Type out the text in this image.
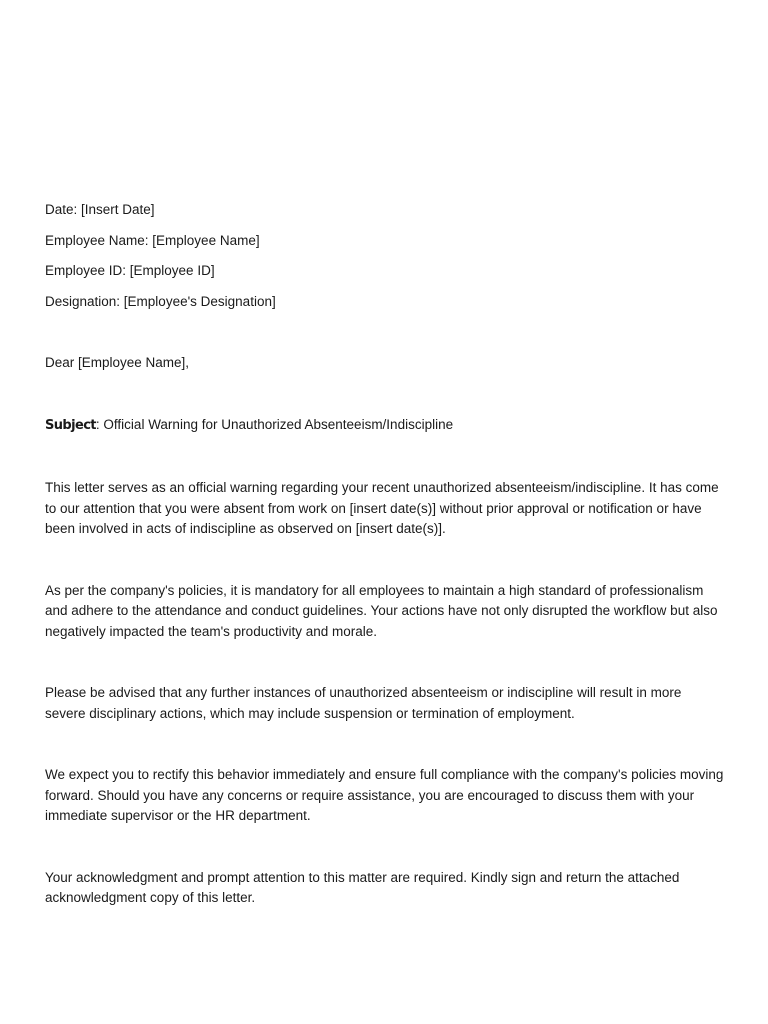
Date: [Insert Date]

Employee Name: [Employee Name]

Employee ID: [Employee ID]

Designation: [Employee's Designation]

Dear [Employee Name],

Subject: Official Warning for Unauthorized Absenteeism/Indiscipline

This letter serves as an official warning regarding your recent unauthorized absenteeism/indiscipline. It has come to our attention that you were absent from work on [insert date(s)] without prior approval or notification or have been involved in acts of indiscipline as observed on [insert date(s)].

As per the company's policies, it is mandatory for all employees to maintain a high standard of professionalism and adhere to the attendance and conduct guidelines. Your actions have not only disrupted the workflow but also negatively impacted the team's productivity and morale.

Please be advised that any further instances of unauthorized absenteeism or indiscipline will result in more severe disciplinary actions, which may include suspension or termination of employment.

We expect you to rectify this behavior immediately and ensure full compliance with the company's policies moving forward. Should you have any concerns or require assistance, you are encouraged to discuss them with your immediate supervisor or the HR department.

Your acknowledgment and prompt attention to this matter are required. Kindly sign and return the attached acknowledgment copy of this letter.
